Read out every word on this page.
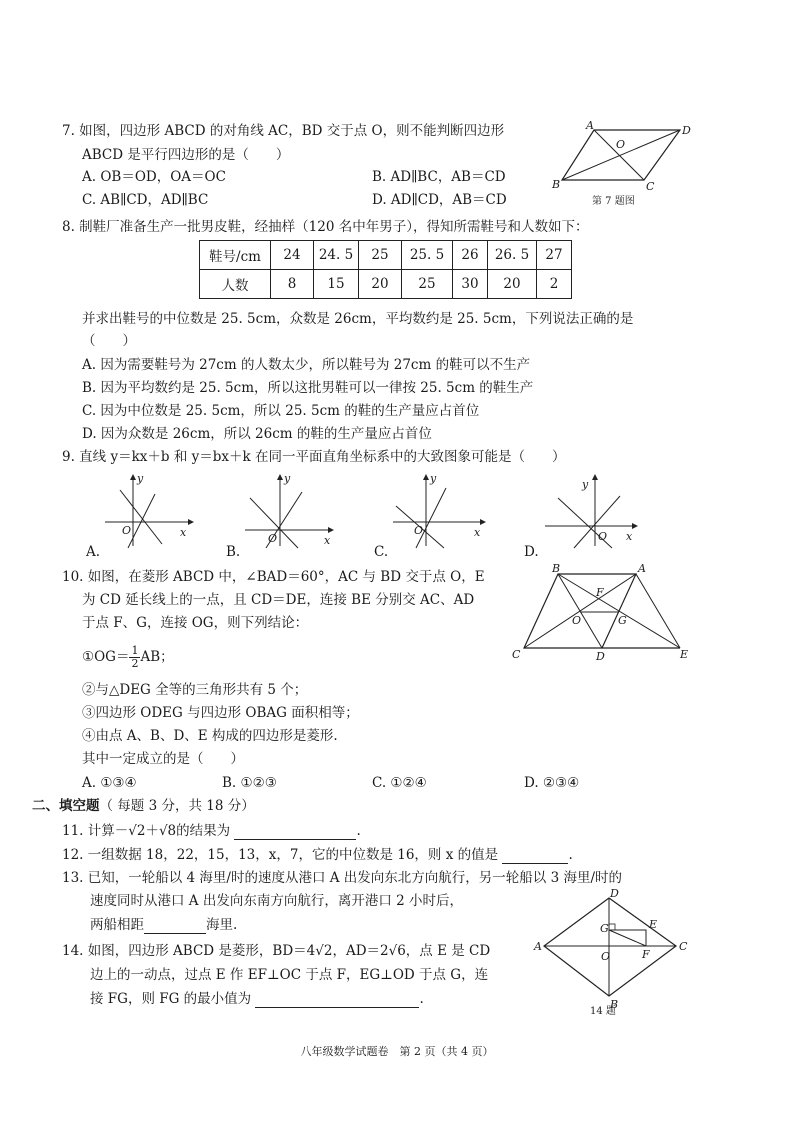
7. 如图，四边形 ABCD 的对角线 AC，BD 交于点 O，则不能判断四边形
ABCD 是平行四边形的是（　　）
A. OB＝OD，OA＝OC	B. AD∥BC，AB＝CD
C. AB∥CD，AD∥BC	D. AD∥CD，AB＝CD
A	D
O
B	C
第 7 题图
8. 制鞋厂准备生产一批男皮鞋，经抽样（120 名中年男子），得知所需鞋号和人数如下：
鞋号/cm	24	24. 5	25	25. 5	26	26. 5	27
人数	8	15	20	25	30	20	2
并求出鞋号的中位数是 25. 5cm，众数是 26cm，平均数约是 25. 5cm，下列说法正确的是
（　　）
A. 因为需要鞋号为 27cm 的人数太少，所以鞋号为 27cm 的鞋可以不生产
B. 因为平均数约是 25. 5cm，所以这批男鞋可以一律按 25. 5cm 的鞋生产
C. 因为中位数是 25. 5cm，所以 25. 5cm 的鞋的生产量应占首位
D. 因为众数是 26cm，所以 26cm 的鞋的生产量应占首位
9. 直线 y＝kx＋b 和 y＝bx＋k 在同一平面直角坐标系中的大致图象可能是（　　）
y
x
O
A.
y
x
O
B.
y
x
O
C.
y
x
O
D.
10. 如图，在菱形 ABCD 中，∠BAD＝60°，AC 与 BD 交于点 O，E
为 CD 延长线上的一点，且 CD＝DE，连接 BE 分别交 AC、AD
于点 F、G，连接 OG，则下列结论：
①OG＝ $\frac{1}{2}$ AB；
②与△DEG 全等的三角形共有 5 个；
③四边形 ODEG 与四边形 OBAG 面积相等；
④由点 A、B、D、E 构成的四边形是菱形.
其中一定成立的是（　　）
A. ①③④	B. ①②③	C. ①②④	D. ②③④
B	A
F
O	G
C	D	E
二、填空题（ 每题 3 分，共 18 分）
11. 计算－√2＋√8的结果为	.
12. 一组数据 18，22，15，13，x，7，它的中位数是 16，则 x 的值是	.
13. 已知，一轮船以 4 海里/时的速度从港口 A 出发向东北方向航行，另一轮船以 3 海里/时的
速度同时从港口 A 出发向东南方向航行，离开港口 2 小时后，
两船相距	海里.
14. 如图，四边形 ABCD 是菱形，BD＝4√2，AD＝2√6，点 E 是 CD
边上的一动点，过点 E 作 EF⊥OC 于点 F，EG⊥OD 于点 G，连
接 FG，则 FG 的最小值为	.
D
E
G
A
O	F
C
B
14 题
八年级数学试题卷　第 2 页（共 4 页）
